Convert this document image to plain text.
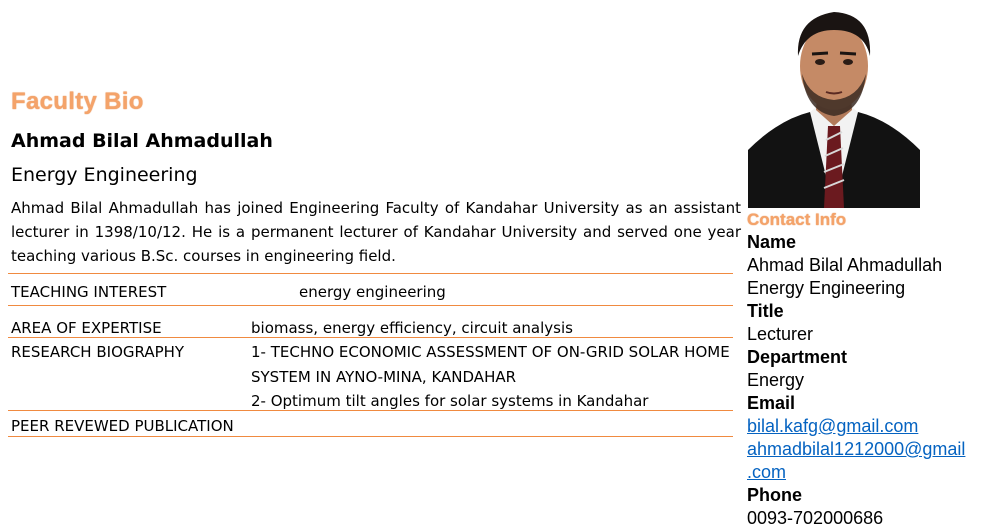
Faculty Bio
Ahmad Bilal Ahmadullah
Energy Engineering
Ahmad Bilal Ahmadullah has joined Engineering Faculty of Kandahar University as an assistant lecturer in 1398/10/12. He is a permanent lecturer of Kandahar University and served one year teaching various B.Sc. courses in engineering field.
TEACHING INTEREST	energy engineering
AREA OF EXPERTISE	biomass, energy efficiency, circuit analysis
RESEARCH BIOGRAPHY	1- TECHNO ECONOMIC ASSESSMENT OF ON-GRID SOLAR HOME
SYSTEM IN AYNO-MINA, KANDAHAR
2- Optimum tilt angles for solar systems in Kandahar
PEER REVEWED PUBLICATION
Contact Info
Name
Ahmad Bilal Ahmadullah
Energy Engineering
Title
Lecturer
Department
Energy
Email
bilal.kafg@gmail.com
ahmadbilal1212000@gmail
.com
Phone
0093-702000686
